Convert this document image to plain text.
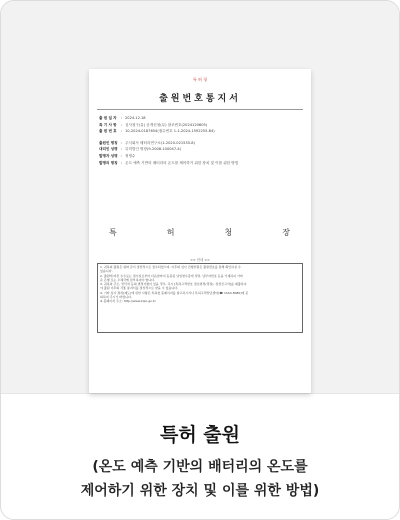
특 허 청
출원번호통지서
출 원 일 자	: 2024.12.18
특 기 사 항	: 심사청구(유) 공개신청(무) 참조번호(2024120605)
출 원 번 호	: 10-2024-0187654(접수번호 1-1-2024-1592255-84)
출원인 명칭 : 주식회사 배터리연구소(1-2020-021535-8)
대리인 성명 : 특허법인 명장(9-2008-100047-4)
발명자 성명 : 정명수
발명의 명칭 : 온도 예측 기반의 배터리의 온도를 제어하기 위한 장치 및 이를 위한 방법
특	허	청	장
<< 안내 >>
1. 귀하의 출원은 위와 같이 정상적으로 접수되었으며, 이후의 심사 진행상황은 출원번호를 통해 확인하실 수
있습니다.
2. 출원에 따른 수수료는 접수일로부터 다음날까지 동봉된 납입영수증에 성명, 납부자번호 등을 기재하여 가까
운 은행 또는 우체국에 납부하여야 합니다.
3. 귀하의 주소, 연락처 등의 변경사항이 있을 경우, 즉시 [특허고객번호 정보변경(경정), 정정신고서]를 제출하여
야 출원 이후의 각종 통지서를 정상적으로 받을 수 있습니다.
4. 기타 심사 절차(제도)에 관한 사항은 특허청 홈페이지를 참고하시거나 특허고객상담센터(☎ 1544-8080)에 문
의하여 주시기 바랍니다.
※ 홈페이지 주소: http://www.kipo.go.kr
특허 출원
(온도 예측 기반의 배터리의 온도를
제어하기 위한 장치 및 이를 위한 방법)
